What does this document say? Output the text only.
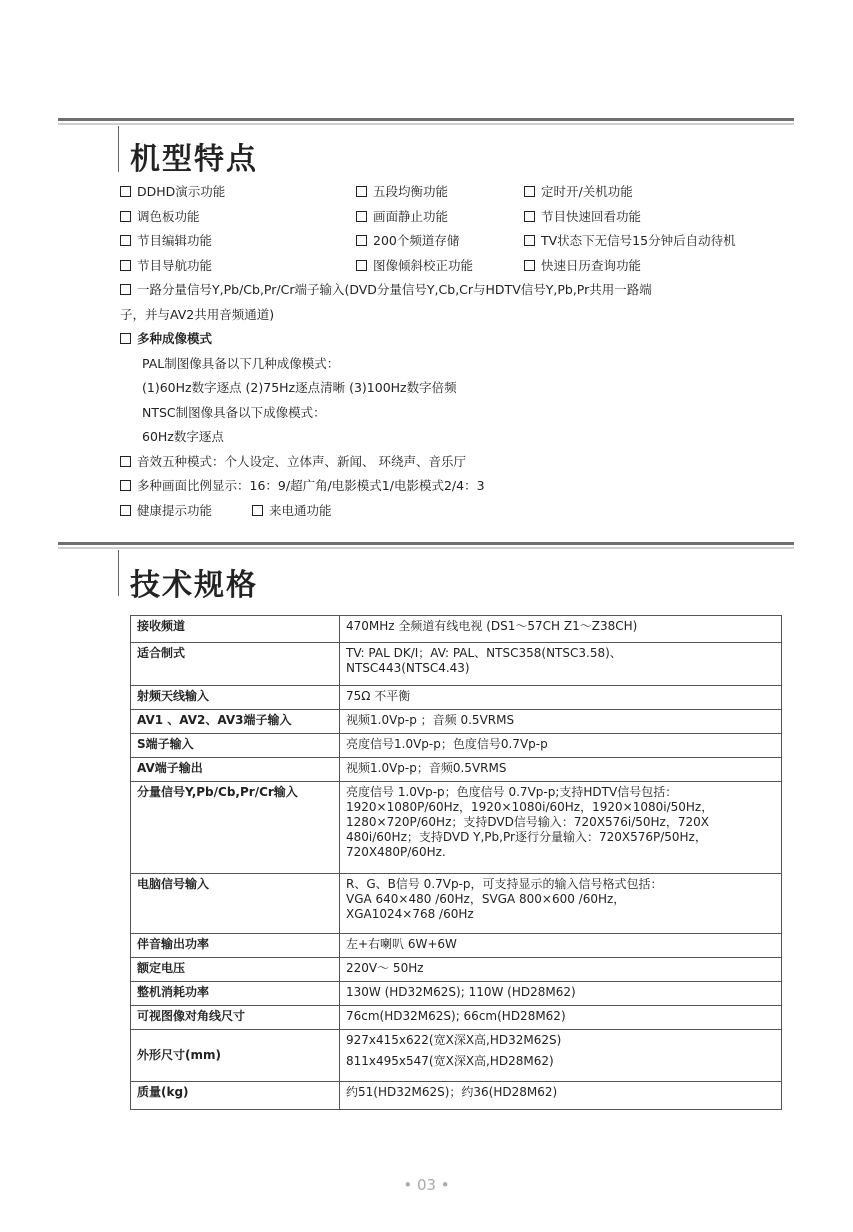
机型特点
DDHD演示功能	五段均衡功能	定时开/关机功能
调色板功能	画面静止功能	节目快速回看功能
节目编辑功能	200个频道存储	TV状态下无信号15分钟后自动待机
节目导航功能	图像倾斜校正功能	快速日历查询功能
一路分量信号Y,Pb/Cb,Pr/Cr端子输入(DVD分量信号Y,Cb,Cr与HDTV信号Y,Pb,Pr共用一路端
子，并与AV2共用音频通道)
多种成像模式
PAL制图像具备以下几种成像模式：
(1)60Hz数字逐点 (2)75Hz逐点清晰 (3)100Hz数字倍频
NTSC制图像具备以下成像模式：
60Hz数字逐点
音效五种模式：个人设定、立体声、新闻、 环绕声、音乐厅
多种画面比例显示：16：9/超广角/电影模式1/电影模式2/4：3
健康提示功能	来电通功能
技术规格
接收频道	470MHz 全频道有线电视 (DS1～57CH Z1～Z38CH)

适合制式	TV: PAL DK/I；AV: PAL、NTSC358(NTSC3.58)、
NTSC443(NTSC4.43)

射频天线输入	75Ω 不平衡

AV1 、AV2、AV3端子输入	视频1.0Vp-p ；音频 0.5VRMS

S端子输入	亮度信号1.0Vp-p；色度信号0.7Vp-p

AV端子输出	视频1.0Vp-p；音频0.5VRMS

分量信号Y,Pb/Cb,Pr/Cr输入	亮度信号 1.0Vp-p；色度信号 0.7Vp-p;支持HDTV信号包括：
1920×1080P/60Hz，1920×1080i/60Hz，1920×1080i/50Hz，
1280×720P/60Hz；支持DVD信号输入：720X576i/50Hz，720X
480i/60Hz；支持DVD Y,Pb,Pr逐行分量输入：720X576P/50Hz，
720X480P/60Hz.

电脑信号输入	R、G、B信号 0.7Vp-p，可支持显示的输入信号格式包括：
VGA 640×480 /60Hz，SVGA 800×600 /60Hz，
XGA1024×768 /60Hz

伴音输出功率	左+右喇叭 6W+6W

额定电压	220V～ 50Hz

整机消耗功率	130W (HD32M62S); 110W (HD28M62)

可视图像对角线尺寸	76cm(HD32M62S); 66cm(HD28M62)

外形尺寸(mm)	927x415x622(宽X深X高,HD32M62S)
811x495x547(宽X深X高,HD28M62)

质量(kg)	约51(HD32M62S)；约36(HD28M62)
• 03 •
